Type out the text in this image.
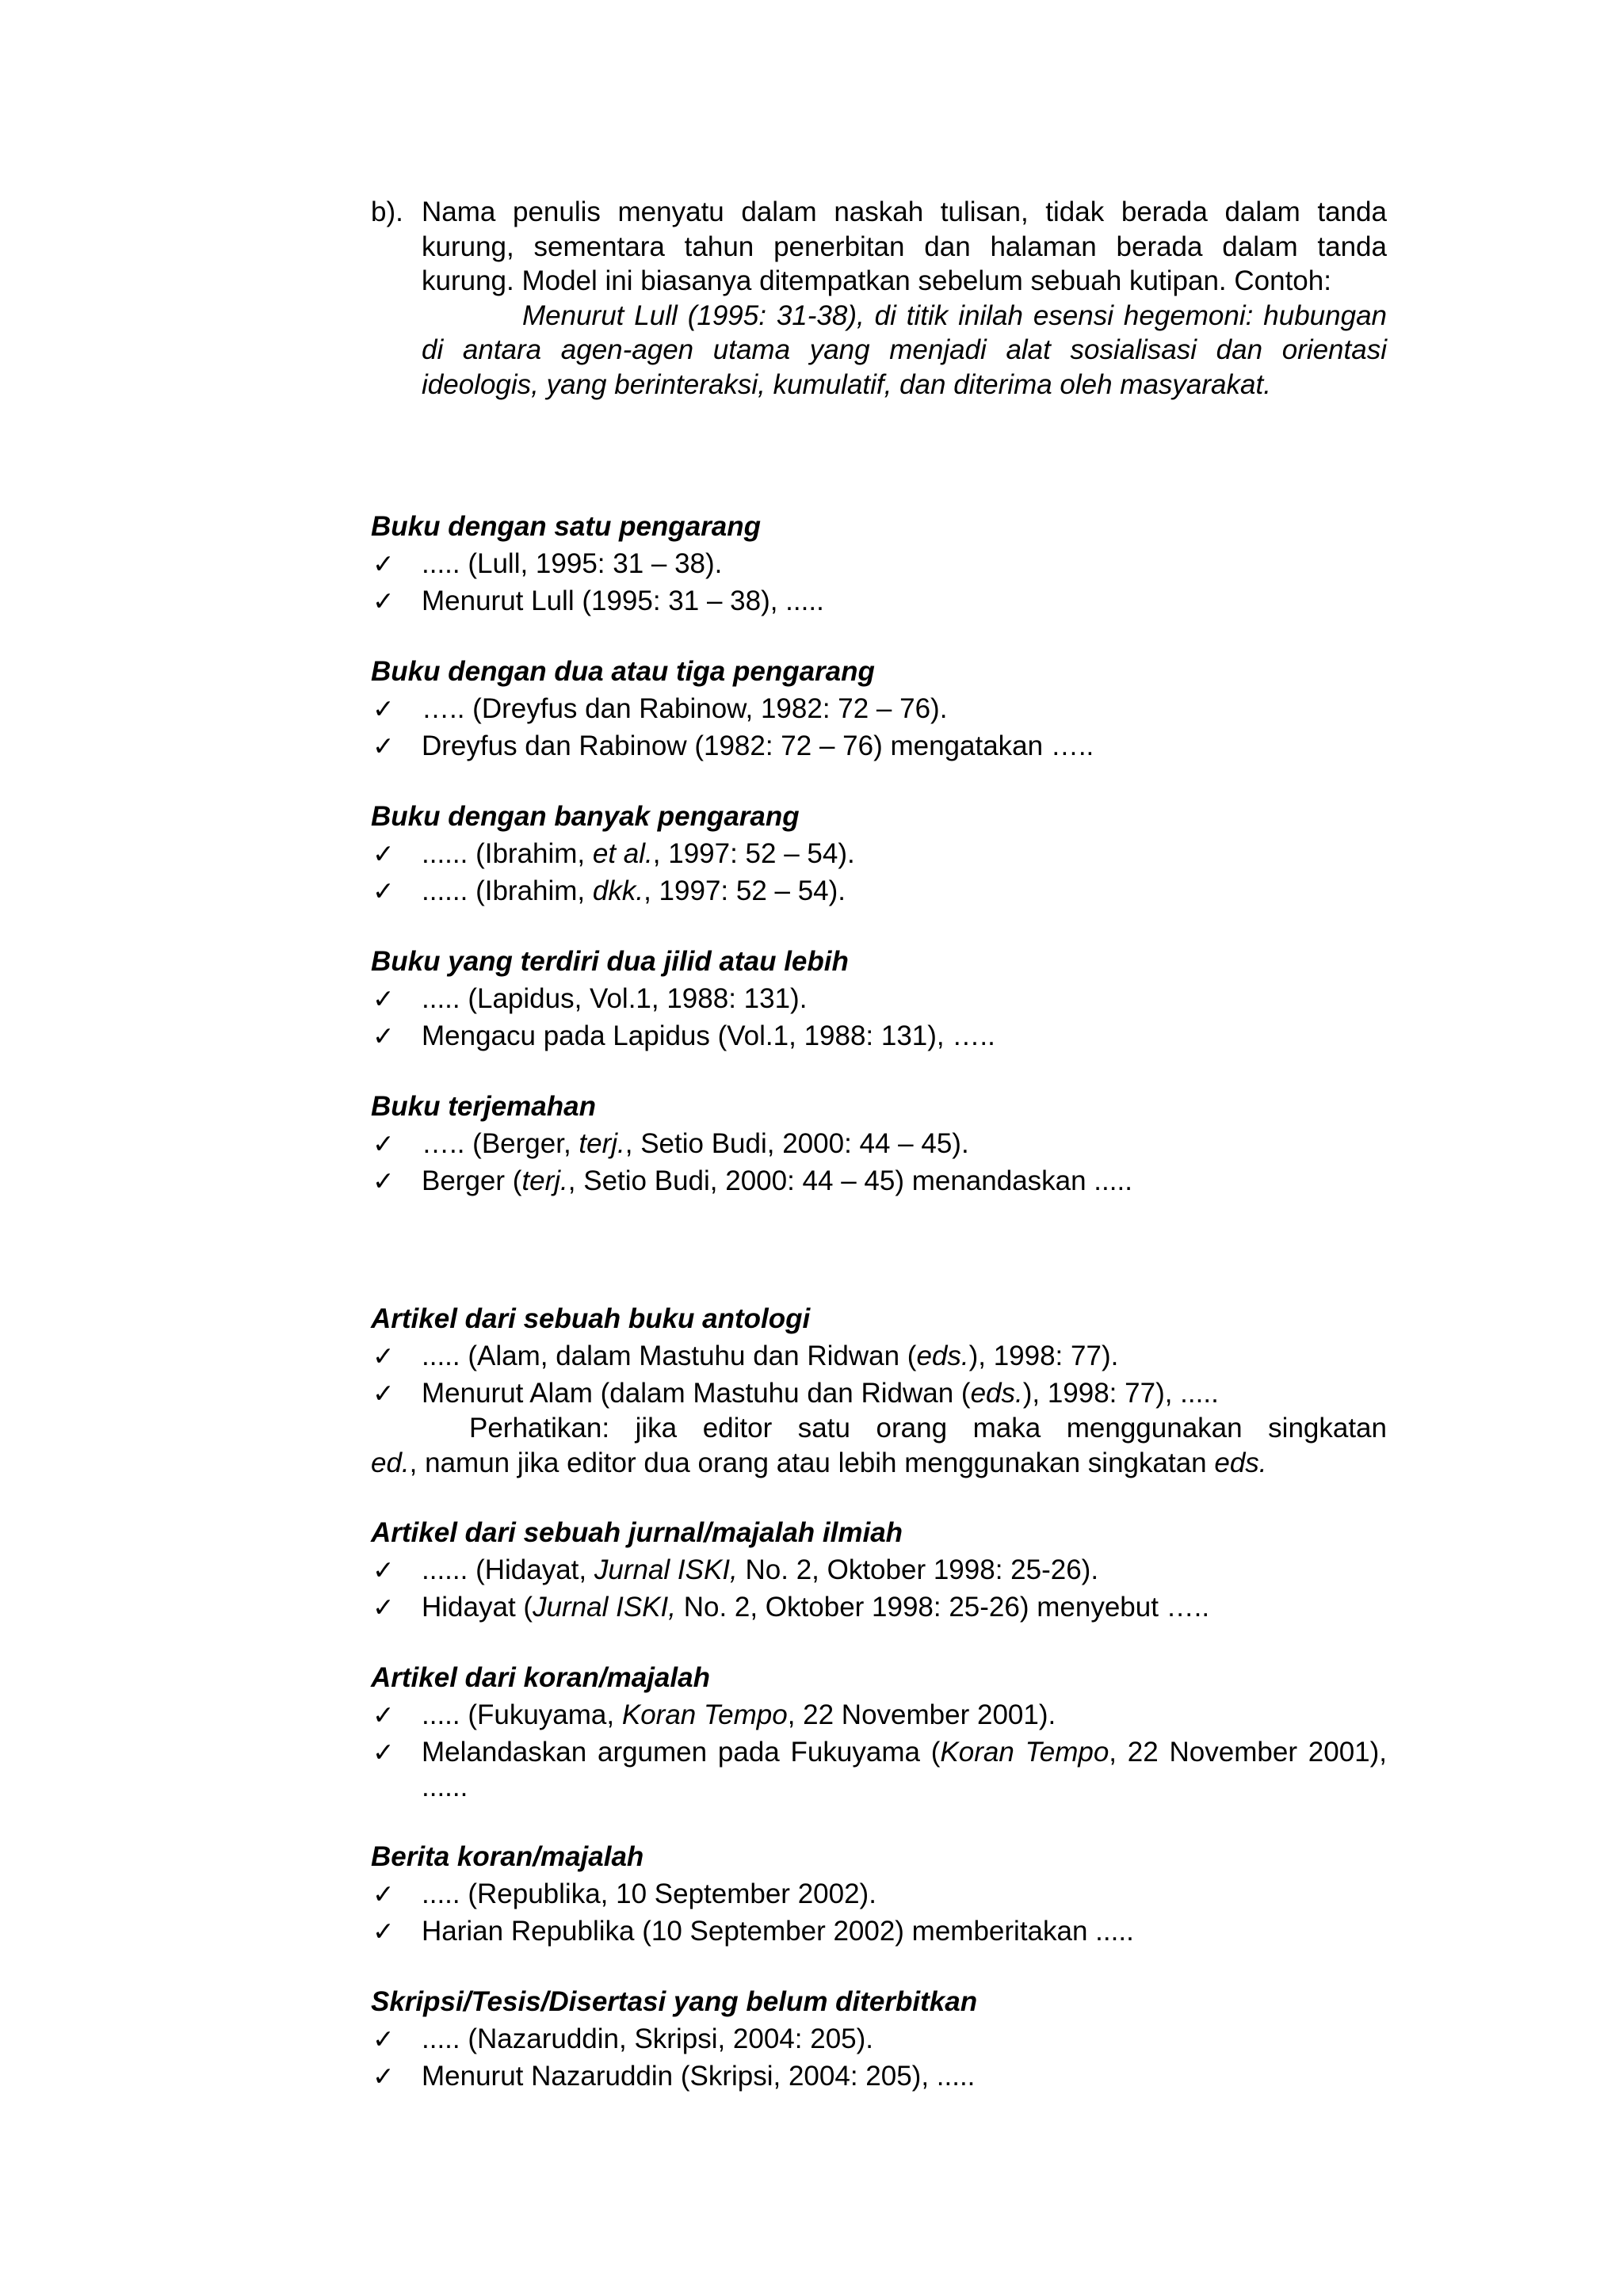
b). Nama penulis menyatu dalam naskah tulisan, tidak berada dalam tanda kurung, sementara tahun penerbitan dan halaman berada dalam tanda kurung. Model ini biasanya ditempatkan sebelum sebuah kutipan. Contoh:
Menurut Lull (1995: 31-38), di titik inilah esensi hegemoni: hubungan di antara agen-agen utama yang menjadi alat sosialisasi dan orientasi ideologis, yang berinteraksi, kumulatif, dan diterima oleh masyarakat.
Buku dengan satu pengarang
✓ ..... (Lull, 1995: 31 – 38).
✓ Menurut Lull (1995: 31 – 38), .....
Buku dengan dua atau tiga pengarang
✓ ….. (Dreyfus dan Rabinow, 1982: 72 – 76).
✓ Dreyfus dan Rabinow (1982: 72 – 76) mengatakan …..
Buku dengan banyak pengarang
✓ ...... (Ibrahim, et al., 1997: 52 – 54).
✓ ...... (Ibrahim, dkk., 1997: 52 – 54).
Buku yang terdiri dua jilid atau lebih
✓ ..... (Lapidus, Vol.1, 1988: 131).
✓ Mengacu pada Lapidus (Vol.1, 1988: 131), …..
Buku terjemahan
✓ ….. (Berger, terj., Setio Budi, 2000: 44 – 45).
✓ Berger (terj., Setio Budi, 2000: 44 – 45) menandaskan .....
Artikel dari sebuah buku antologi
✓ ..... (Alam, dalam Mastuhu dan Ridwan (eds.), 1998: 77).
✓ Menurut Alam (dalam Mastuhu dan Ridwan (eds.), 1998: 77), .....
Perhatikan: jika editor satu orang maka menggunakan singkatan
ed., namun jika editor dua orang atau lebih menggunakan singkatan eds.
Artikel dari sebuah jurnal/majalah ilmiah
✓ ...... (Hidayat, Jurnal ISKI, No. 2, Oktober 1998: 25-26).
✓ Hidayat (Jurnal ISKI, No. 2, Oktober 1998: 25-26) menyebut …..
Artikel dari koran/majalah
✓ ..... (Fukuyama, Koran Tempo, 22 November 2001).
✓ Melandaskan argumen pada Fukuyama (Koran Tempo, 22 November 2001), ......
Berita koran/majalah
✓ ..... (Republika, 10 September 2002).
✓ Harian Republika (10 September 2002) memberitakan .....
Skripsi/Tesis/Disertasi yang belum diterbitkan
✓ ..... (Nazaruddin, Skripsi, 2004: 205).
✓ Menurut Nazaruddin (Skripsi, 2004: 205), .....
